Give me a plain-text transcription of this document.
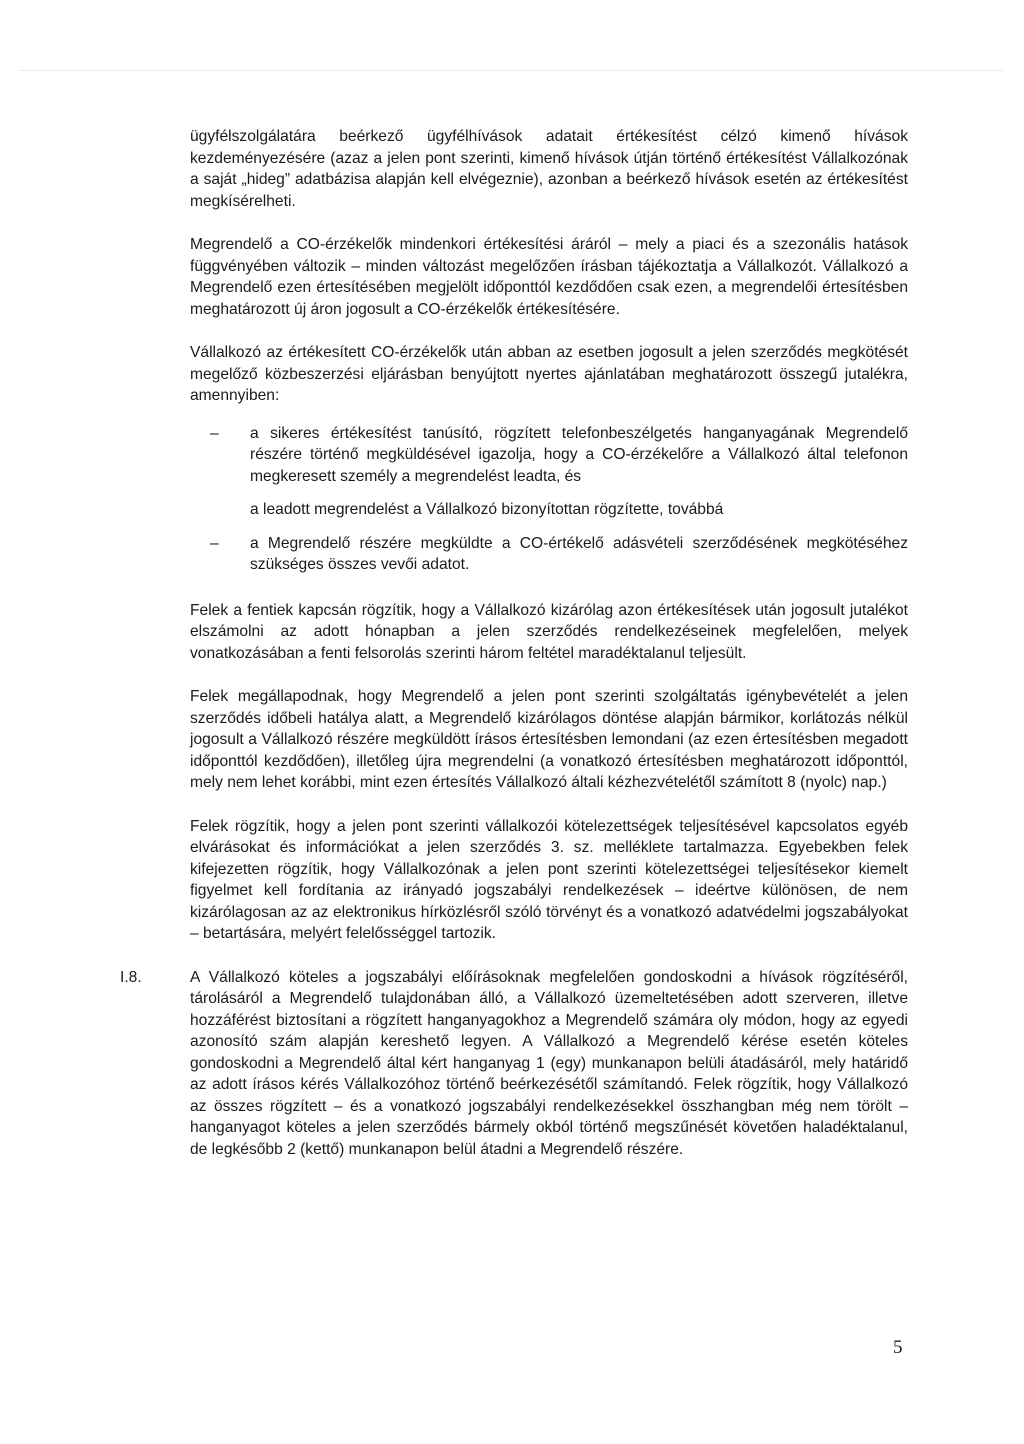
ügyfélszolgálatára beérkező ügyfélhívások adatait értékesítést célzó kimenő hívások kezdeményezésére (azaz a jelen pont szerinti, kimenő hívások útján történő értékesítést Vállalkozónak a saját „hideg” adatbázisa alapján kell elvégeznie), azonban a beérkező hívások esetén az értékesítést megkísérelheti.

Megrendelő a CO-érzékelők mindenkori értékesítési áráról – mely a piaci és a szezonális hatások függvényében változik – minden változást megelőzően írásban tájékoztatja a Vállalkozót. Vállalkozó a Megrendelő ezen értesítésében megjelölt időponttól kezdődően csak ezen, a megrendelői értesítésben meghatározott új áron jogosult a CO-érzékelők értékesítésére.

Vállalkozó az értékesített CO-érzékelők után abban az esetben jogosult a jelen szerződés megkötését megelőző közbeszerzési eljárásban benyújtott nyertes ajánlatában meghatározott összegű jutalékra, amennyiben:

– a sikeres értékesítést tanúsító, rögzített telefonbeszélgetés hanganyagának Megrendelő részére történő megküldésével igazolja, hogy a CO-érzékelőre a Vállalkozó által telefonon megkeresett személy a megrendelést leadta, és
a leadott megrendelést a Vállalkozó bizonyítottan rögzítette, továbbá
– a Megrendelő részére megküldte a CO-értékelő adásvételi szerződésének megkötéséhez szükséges összes vevői adatot.

Felek a fentiek kapcsán rögzítik, hogy a Vállalkozó kizárólag azon értékesítések után jogosult jutalékot elszámolni az adott hónapban a jelen szerződés rendelkezéseinek megfelelően, melyek vonatkozásában a fenti felsorolás szerinti három feltétel maradéktalanul teljesült.

Felek megállapodnak, hogy Megrendelő a jelen pont szerinti szolgáltatás igénybevételét a jelen szerződés időbeli hatálya alatt, a Megrendelő kizárólagos döntése alapján bármikor, korlátozás nélkül jogosult a Vállalkozó részére megküldött írásos értesítésben lemondani (az ezen értesítésben megadott időponttól kezdődően), illetőleg újra megrendelni (a vonatkozó értesítésben meghatározott időponttól, mely nem lehet korábbi, mint ezen értesítés Vállalkozó általi kézhezvételétől számított 8 (nyolc) nap.)

Felek rögzítik, hogy a jelen pont szerinti vállalkozói kötelezettségek teljesítésével kapcsolatos egyéb elvárásokat és információkat a jelen szerződés 3. sz. melléklete tartalmazza. Egyebekben felek kifejezetten rögzítik, hogy Vállalkozónak a jelen pont szerinti kötelezettségei teljesítésekor kiemelt figyelmet kell fordítania az irányadó jogszabályi rendelkezések – ideértve különösen, de nem kizárólagosan az az elektronikus hírközlésről szóló törvényt és a vonatkozó adatvédelmi jogszabályokat – betartására, melyért felelősséggel tartozik.

I.8.	A Vállalkozó köteles a jogszabályi előírásoknak megfelelően gondoskodni a hívások rögzítéséről, tárolásáról a Megrendelő tulajdonában álló, a Vállalkozó üzemeltetésében adott szerveren, illetve hozzáférést biztosítani a rögzített hanganyagokhoz a Megrendelő számára oly módon, hogy az egyedi azonosító szám alapján kereshető legyen. A Vállalkozó a Megrendelő kérése esetén köteles gondoskodni a Megrendelő által kért hanganyag 1 (egy) munkanapon belüli átadásáról, mely határidő az adott írásos kérés Vállalkozóhoz történő beérkezésétől számítandó. Felek rögzítik, hogy Vállalkozó az összes rögzített – és a vonatkozó jogszabályi rendelkezésekkel összhangban még nem törölt – hanganyagot köteles a jelen szerződés bármely okból történő megszűnését követően haladéktalanul, de legkésőbb 2 (kettő) munkanapon belül átadni a Megrendelő részére.

5
